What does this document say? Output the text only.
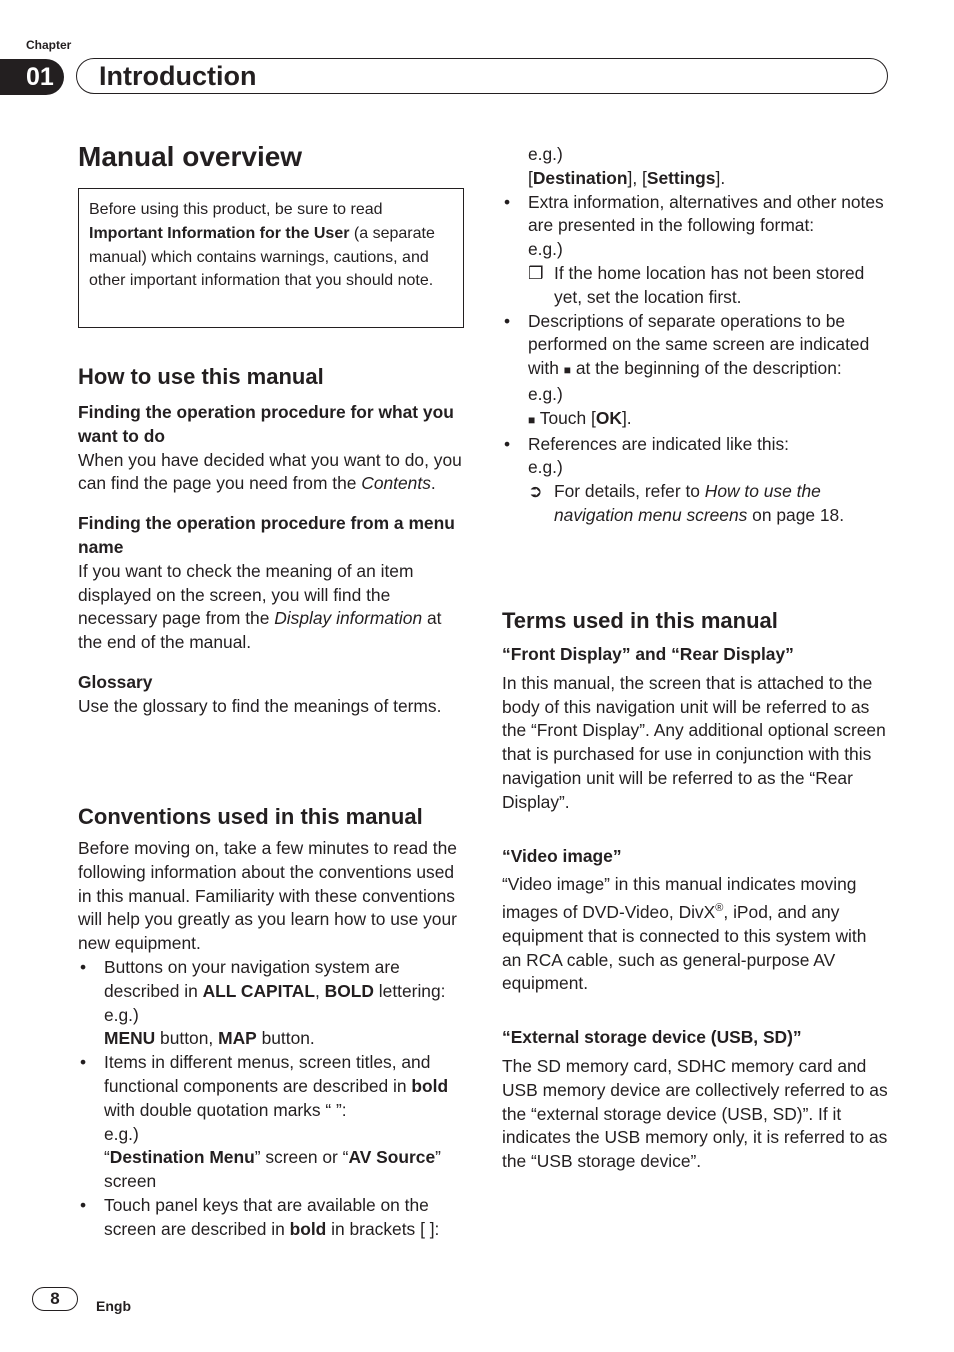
Chapter
01	Introduction
Manual overview
Before using this product, be sure to read Important Information for the User (a separate manual) which contains warnings, cautions, and other important information that you should note.
How to use this manual
Finding the operation procedure for what you want to do

When you have decided what you want to do, you can find the page you need from the Contents.

Finding the operation procedure from a menu name

If you want to check the meaning of an item displayed on the screen, you will find the necessary page from the Display information at the end of the manual.

Glossary

Use the glossary to find the meanings of terms.

Conventions used in this manual

Before moving on, take a few minutes to read the following information about the conventions used in this manual. Familiarity with these conventions will help you greatly as you learn how to use your new equipment.

• Buttons on your navigation system are described in ALL CAPITAL, BOLD lettering:
e.g.)
MENU button, MAP button.
• Items in different menus, screen titles, and functional components are described in bold with double quotation marks “ ”:
e.g.)
“Destination Menu” screen or “AV Source” screen
• Touch panel keys that are available on the screen are described in bold in brackets [ ]:
e.g.)
[Destination], [Settings].
• Extra information, alternatives and other notes are presented in the following format:
e.g.)
❒ If the home location has not been stored yet, set the location first.
• Descriptions of separate operations to be performed on the same screen are indicated with ■ at the beginning of the description:
e.g.)
■ Touch [OK].
• References are indicated like this:
e.g.)
➲ For details, refer to How to use the navigation menu screens on page 18.
Terms used in this manual
“Front Display” and “Rear Display”

In this manual, the screen that is attached to the body of this navigation unit will be referred to as the “Front Display”. Any additional optional screen that is purchased for use in conjunction with this navigation unit will be referred to as the “Rear Display”.

“Video image”

“Video image” in this manual indicates moving images of DVD-Video, DivX®, iPod, and any equipment that is connected to this system with an RCA cable, such as general-purpose AV equipment.

“External storage device (USB, SD)”

The SD memory card, SDHC memory card and USB memory device are collectively referred to as the “external storage device (USB, SD)”. If it indicates the USB memory only, it is referred to as the “USB storage device”.

8	Engb
